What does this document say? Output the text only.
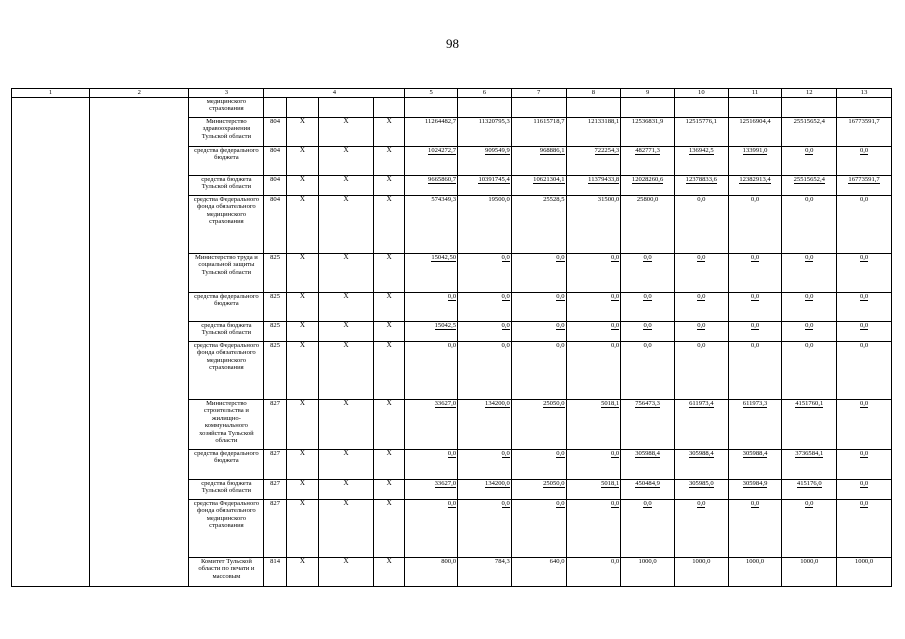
98
1	2	3	4				5	6	7	8	9	10	11	12	13
		медицинского страхования													
		Министерство здравоохранения Тульской области	804	X	X	X	11264482,7	11320795,3	11615718,7	12133188,1	12536831,9	12515776,1	12516904,4	25515652,4	16773591,7
		средства федерального бюджета	804	X	X	X	1024272,7	909549,9	968886,1	722254,3	482771,3	136942,5	133991,0	0,0	0,0
		средства бюджета Тульской области	804	X	X	X	9665860,7	10391745,4	10621304,1	11379433,8	12028260,6	12378833,6	12382913,4	25515652,4	16773591,7
		средства Федерального фонда обязательного медицинского страхования	804	X	X	X	574349,3	19500,0	25528,5	31500,0	25800,0	0,0	0,0	0,0	0,0
		Министерство труда и социальной защиты Тульской области	825	X	X	X	15042,50	0,0	0,0	0,0	0,0	0,0	0,0	0,0	0,0
		средства федерального бюджета	825	X	X	X	0,0	0,0	0,0	0,0	0,0	0,0	0,0	0,0	0,0
		средства бюджета Тульской области	825	X	X	X	15042,5	0,0	0,0	0,0	0,0	0,0	0,0	0,0	0,0
		средства Федерального фонда обязательного медицинского страхования	825	X	X	X	0,0	0,0	0,0	0,0	0,0	0,0	0,0	0,0	0,0
		Министерство строительства и жилищно-коммунального хозяйства Тульской области	827	X	X	X	33627,0	134200,0	25050,0	5018,1	756473,3	611973,4	611973,3	4151760,1	0,0
		средства федерального бюджета	827	X	X	X	0,0	0,0	0,0	0,0	305988,4	305988,4	305988,4	3736584,1	0,0
		средства бюджета Тульской области	827	X	X	X	33627,0	134200,0	25050,0	5018,1	450484,9	305985,0	305984,9	415176,0	0,0
		средства Федерального фонда обязательного медицинского страхования	827	X	X	X	0,0	0,0	0,0	0,0	0,0	0,0	0,0	0,0	0,0
		Комитет Тульской области по печати и массовым	814	X	X	X	800,0	784,3	640,0	0,0	1000,0	1000,0	1000,0	1000,0	1000,0
